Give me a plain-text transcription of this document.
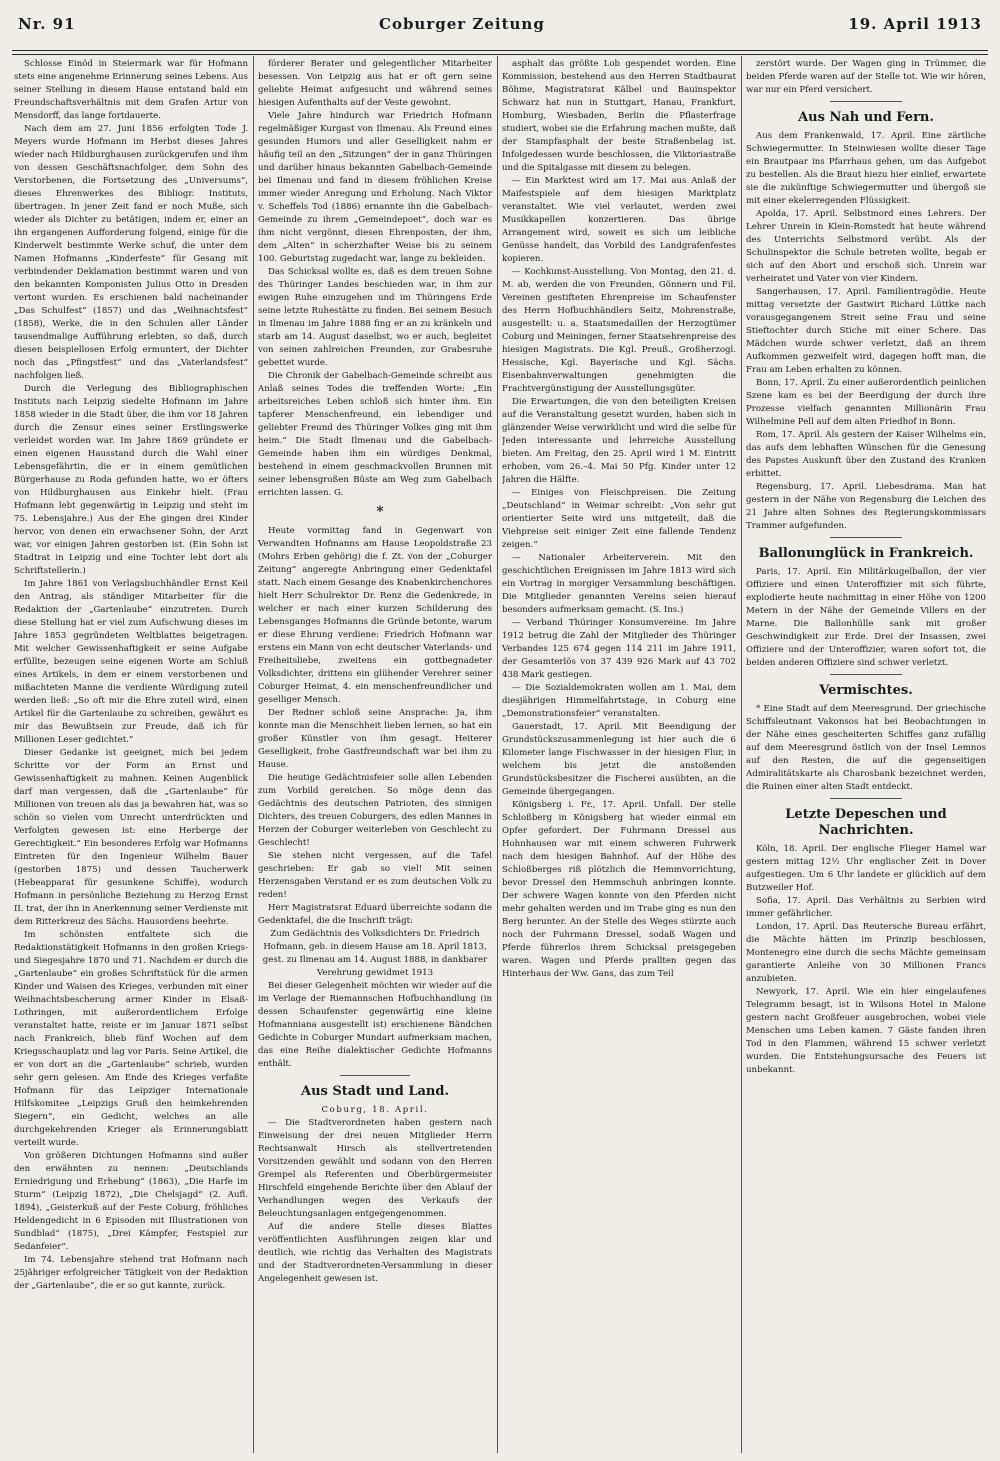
Nr. 91	Coburger Zeitung	19. April 1913

Schlosse Einöd in Steiermark war für Hofmann stets eine angenehme Erinnerung seines Lebens. Aus seiner Stellung in diesem Hause entstand bald ein Freundschaftsverhältnis mit dem Grafen Artur von Mensdorff, das lange fortdauerte.

Nach dem am 27. Juni 1856 erfolgten Tode J. Meyers wurde Hofmann im Herbst dieses Jahres wieder nach Hildburghausen zurückgerufen und ihm von dessen Geschäftsnachfolger, dem Sohn des Verstorbenen, die Fortsetzung des „Universums“, dieses Ehrenwerkes des Bibliogr. Instituts, übertragen. In jener Zeit fand er noch Muße, sich wieder als Dichter zu betätigen, indem er, einer an ihn ergangenen Aufforderung folgend, einige für die Kinderwelt bestimmte Werke schuf, die unter dem Namen Hofmanns „Kinderfeste“ für Gesang mit verbindender Deklamation bestimmt waren und von den bekannten Komponisten Julius Otto in Dresden vertont wurden. Es erschienen bald nacheinander „Das Schulfest“ (1857) und das „Weihnachtsfest“ (1858), Werke, die in den Schulen aller Länder tausendmalige Aufführung erlebten, so daß, durch diesen beispiellosen Erfolg ermuntert, der Dichter noch das „Pfingstfest“ und das „Vaterlandsfest“ nachfolgen ließ.

Durch die Verlegung des Bibliographischen Instituts nach Leipzig siedelte Hofmann im Jahre 1858 wieder in die Stadt über, die ihm vor 18 Jahren durch die Zensur eines seiner Erstlingswerke verleidet worden war. Im Jahre 1869 gründete er einen eigenen Hausstand durch die Wahl einer Lebensgefährtin, die er in einem gemütlichen Bürgerhause zu Roda gefunden hatte, wo er öfters von Hildburghausen aus Einkehr hielt. (Frau Hofmann lebt gegenwärtig in Leipzig und steht im 75. Lebensjahre.) Aus der Ehe gingen drei Kinder hervor, von denen ein erwachsener Sohn, der Arzt war, vor einigen Jahren gestorben ist. (Ein Sohn ist Stadtrat in Leipzig und eine Tochter lebt dort als Schriftstellerin.)

Im Jahre 1861 von Verlagsbuchhändler Ernst Keil den Antrag, als ständiger Mitarbeiter für die Redaktion der „Gartenlaube“ einzutreten. Durch diese Stellung hat er viel zum Aufschwung dieses im Jahre 1853 gegründeten Weltblattes beigetragen. Mit welcher Gewissenhaftigkeit er seine Aufgabe erfüllte, bezeugen seine eigenen Worte am Schluß eines Artikels, in dem er einem verstorbenen und mißachteten Manne die verdiente Würdigung zuteil werden ließ: „So oft mir die Ehre zuteil wird, einen Artikel für die Gartenlaube zu schreiben, gewährt es mir das Bewußtsein zur Freude, daß ich für Millionen Leser gedichtet.“

Dieser Gedanke ist geeignet, mich bei jedem Schritte vor der Form an Ernst und Gewissenhaftigkeit zu mahnen. Keinen Augenblick darf man vergessen, daß die „Gartenlaube“ für Millionen von treuen als das ja bewahren hat, was so schön so vielen vom Unrecht unterdrückten und Verfolgten gewesen ist: eine Herberge der Gerechtigkeit.“ Ein besonderes Erfolg war Hofmanns Eintreten für den Ingenieur Wilhelm Bauer (gestorben 1875) und dessen Taucherwerk (Hebeapparat für gesunkene Schiffe), wodurch Hofmann in persönliche Beziehung zu Herzog Ernst II. trat, der ihn in Anerkennung seiner Verdienste mit dem Ritterkreuz des Sächs. Hausordens beehrte.

Im schönsten entfaltete sich die Redaktionstätigkeit Hofmanns in den großen Kriegs- und Siegesjahre 1870 und 71. Nachdem er durch die „Gartenlaube“ ein großes Schriftstück für die armen Kinder und Waisen des Krieges, verbunden mit einer Weihnachtsbescherung armer Kinder in Elsaß-Lothringen, mit außerordentlichem Erfolge veranstaltet hatte, reiste er im Januar 1871 selbst nach Frankreich, blieb fünf Wochen auf dem Kriegsschauplatz und lag vor Paris. Seine Artikel, die er von dort an die „Gartenlaube“ schrieb, wurden sehr gern gelesen. Am Ende des Krieges verfaßte Hofmann für das Leipziger Internationale Hilfskomitee „Leipzigs Gruß den heimkehrenden Siegern“, ein Gedicht, welches an alle durchgekehrenden Krieger als Erinnerungsblatt verteilt wurde.

Von größeren Dichtungen Hofmanns sind außer den erwähnten zu nennen: „Deutschlands Erniedrigung und Erhebung“ (1863), „Die Harfe im Sturm“ (Leipzig 1872), „Die Chelsjagd“ (2. Aufl. 1894), „Geisterkuß auf der Feste Coburg, fröhliches Heldengedicht in 6 Episoden mit Illustrationen von Sundblad“ (1875), „Drei Kämpfer, Festspiel zur Sedanfeier“.

Im 74. Lebensjahre stehend trat Hofmann nach 25jähriger erfolgreicher Tätigkeit von der Redaktion der „Gartenlaube“, die er so gut kannte, zurück.

förderer Berater und gelegentlicher Mitarbeiter besessen. Von Leipzig aus hat er oft gern seine geliebte Heimat aufgesucht und während seines hiesigen Aufenthalts auf der Veste gewohnt.

Viele Jahre hindurch war Friedrich Hofmann regelmäßiger Kurgast von Ilmenau. Als Freund eines gesunden Humors und aller Geselligkeit nahm er häufig teil an den „Sitzungen“ der in ganz Thüringen und darüber hinaus bekannten Gabelbach-Gemeinde bei Ilmenau und fand in diesem fröhlichen Kreise immer wieder Anregung und Erholung. Nach Viktor v. Scheffels Tod (1886) ernannte ihn die Gabelbach-Gemeinde zu ihrem „Gemeindepoet“, doch war es ihm nicht vergönnt, diesen Ehrenposten, der ihm, dem „Alten“ in scherzhafter Weise bis zu seinem 100. Geburtstag zugedacht war, lange zu bekleiden.

Das Schicksal wollte es, daß es dem treuen Sohne des Thüringer Landes beschieden war, in ihm zur ewigen Ruhe einzugehen und im Thüringens Erde seine letzte Ruhestätte zu finden. Bei seinem Besuch in Ilmenau im Jahre 1888 fing er an zu kränkeln und starb am 14. August daselbst, wo er auch, begleitet von seinen zahlreichen Freunden, zur Grabesruhe gebettet wurde.

Die Chronik der Gabelbach-Gemeinde schreibt aus Anlaß seines Todes die treffenden Worte: „Ein arbeitsreiches Leben schloß sich hinter ihm. Ein tapferer Menschenfreund, ein lebendiger und geliebter Freund des Thüringer Volkes ging mit ihm heim.“ Die Stadt Ilmenau und die Gabelbach-Gemeinde haben ihm ein würdiges Denkmal, bestehend in einem geschmackvollen Brunnen mit seiner lebensgroßen Büste am Weg zum Gabelbach errichten lassen. G.

*

Heute vormittag fand in Gegenwart von Verwandten Hofmanns am Hause Leopoldstraße 23 (Mohrs Erben gehörig) die f. Zt. von der „Coburger Zeitung“ angeregte Anbringung einer Gedenktafel statt. Nach einem Gesange des Knabenkirchenchores hielt Herr Schulrektor Dr. Renz die Gedenkrede, in welcher er nach einer kurzen Schilderung des Lebensganges Hofmanns die Gründe betonte, warum er diese Ehrung verdiene: Friedrich Hofmann war erstens ein Mann von echt deutscher Vaterlands- und Freiheitsliebe, zweitens ein gottbegnadeter Volksdichter, drittens ein glühender Verehrer seiner Coburger Heimat, 4. ein menschenfreundlicher und geselliger Mensch.

Der Redner schloß seine Ansprache: Ja, ihm konnte man die Menschheit lieben lernen, so hat ein großer Künstler von ihm gesagt. Heiterer Geselligkeit, frohe Gastfreundschaft war bei ihm zu Hause.

Die heutige Gedächtnisfeier solle allen Lebenden zum Vorbild gereichen. So möge denn das Gedächtnis des deutschen Patrioten, des sinnigen Dichters, des treuen Coburgers, des edlen Mannes in Herzen der Coburger weiterleben von Geschlecht zu Geschlecht!

Sie stehen nicht vergessen, auf die Tafel geschrieben: Er gab so viel! Mit seinen Herzensgaben Verstand er es zum deutschen Volk zu reden!

Herr Magistratsrat Eduard überreichte sodann die Gedenktafel, die die Inschrift trägt:

Zum Gedächtnis des Volksdichters Dr. Friedrich Hofmann, geb. in diesem Hause am 18. April 1813, gest. zu Ilmenau am 14. August 1888, in dankbarer Verehrung gewidmet 1913

Bei dieser Gelegenheit möchten wir wieder auf die im Verlage der Riemannschen Hofbuchhandlung (in dessen Schaufenster gegenwärtig eine kleine Hofmanniana ausgestellt ist) erschienene Bändchen Gedichte in Coburger Mundart aufmerksam machen, das eine Reihe dialektischer Gedichte Hofmanns enthält.

Aus Stadt und Land.

Coburg, 18. April.

— Die Stadtverordneten haben gestern nach Einweisung der drei neuen Mitglieder Herrn Rechtsanwalt Hirsch als stellvertretenden Vorsitzenden gewählt und sodann von den Herren Grempel als Referenten und Oberbürgermeister Hirschfeld eingehende Berichte über den Ablauf der Verhandlungen wegen des Verkaufs der Beleuchtungsanlagen entgegengenommen.

Auf die andere Stelle dieses Blattes veröffentlichten Ausführungen zeigen klar und deutlich, wie richtig das Verhalten des Magistrats und der Stadtverordneten-Versammlung in dieser Angelegenheit gewesen ist.

asphalt das größte Lob gespendet worden. Eine Kommission, bestehend aus den Herren Stadtbaurat Böhme, Magistratsrat Kälbel und Bauinspektor Schwarz hat nun in Stuttgart, Hanau, Frankfurt, Homburg, Wiesbaden, Berlin die Pflasterfrage studiert, wobei sie die Erfahrung machen mußte, daß der Stampfasphalt der beste Straßenbelag ist. Infolgedessen wurde beschlossen, die Viktoriastraße und die Spitalgasse mit diesem zu belegen.

— Ein Marktest wird am 17. Mai aus Anlaß der Maifestspiele auf dem hiesigen Marktplatz veranstaltet. Wie viel verlautet, werden zwei Musikkapellen konzertieren. Das übrige Arrangement wird, soweit es sich um leibliche Genüsse handelt, das Vorbild des Landgrafenfestes kopieren.

— Kochkunst-Ausstellung. Von Montag, den 21. d. M. ab, werden die von Freunden, Gönnern und Fil. Vereinen gestifteten Ehrenpreise im Schaufenster des Herrn Hofbuchhändlers Seitz, Mohrenstraße, ausgestellt: u. a. Staatsmedaillen der Herzogtümer Coburg und Meiningen, ferner Staatsehrenpreise des hiesigen Magistrats. Die Kgl. Preuß., Großherzogl. Hessische, Kgl. Bayerische und Kgl. Sächs. Eisenbahnverwaltungen genehmigten die Frachtvergünstigung der Ausstellungsgüter.

Die Erwartungen, die von den beteiligten Kreisen auf die Veranstaltung gesetzt wurden, haben sich in glänzender Weise verwirklicht und wird die selbe für Jeden interessante und lehrreiche Ausstellung bieten. Am Freitag, den 25. April wird 1 M. Eintritt erhoben, vom 26.–4. Mai 50 Pfg. Kinder unter 12 Jahren die Hälfte.

— Einiges von Fleischpreisen. Die Zeitung „Deutschland“ in Weimar schreibt: „Von sehr gut orientierter Seite wird uns mitgeteilt, daß die Viehpreise seit einiger Zeit eine fallende Tendenz zeigen.“

— Nationaler Arbeiterverein. Mit den geschichtlichen Ereignissen im Jahre 1813 wird sich ein Vortrag in morgiger Versammlung beschäftigen. Die Mitglieder genannten Vereins seien hierauf besonders aufmerksam gemacht. (S. Ins.)

— Verband Thüringer Konsumvereine. Im Jahre 1912 betrug die Zahl der Mitglieder des Thüringer Verbandes 125 674 gegen 114 211 im Jahre 1911, der Gesamterlös von 37 439 926 Mark auf 43 702 438 Mark gestiegen.

— Die Sozialdemokraten wollen am 1. Mai, dem diesjährigen Himmelfahrtstage, in Coburg eine „Demonstrationsfeier“ veranstalten.

Gauerstadt, 17. April. Mit Beendigung der Grundstückszusammenlegung ist hier auch die 6 Kilometer lange Fischwasser in der hiesigen Flur, in welchem bis jetzt die anstoßenden Grundstücksbesitzer die Fischerei ausübten, an die Gemeinde übergegangen.

Königsberg i. Fr., 17. April. Unfall. Der stelle Schloßberg in Königsberg hat wieder einmal ein Opfer gefordert. Der Fuhrmann Dressel aus Hohnhausen war mit einem schweren Fuhrwerk nach dem hiesigen Bahnhof. Auf der Höhe des Schloßberges riß plötzlich die Hemmvorrichtung, bevor Dressel den Hemmschuh anbringen konnte. Der schwere Wagen konnte von den Pferden nicht mehr gehalten werden und im Trabe ging es nun den Berg herunter. An der Stelle des Weges stürzte auch noch der Fuhrmann Dressel, sodaß Wagen und Pferde führerlos ihrem Schicksal preisgegeben waren. Wagen und Pferde prallten gegen das Hinterhaus der Ww. Gans, das zum Teil

zerstört wurde. Der Wagen ging in Trümmer, die beiden Pferde waren auf der Stelle tot. Wie wir hören, war nur ein Pferd versichert.

Aus Nah und Fern.

Aus dem Frankenwald, 17. April. Eine zärtliche Schwiegermutter. In Steinwiesen wollte dieser Tage ein Brautpaar ins Pfarrhaus gehen, um das Aufgebot zu bestellen. Als die Braut hiezu hier einlief, erwartete sie die zukünftige Schwiegermutter und übergoß sie mit einer ekelerregenden Flüssigkeit.

Apolda, 17. April. Selbstmord eines Lehrers. Der Lehrer Unrein in Klein-Romstedt hat heute während des Unterrichts Selbstmord verübt. Als der Schulinspektor die Schule betreten wollte, begab er sich auf den Abort und erschoß sich. Unrein war verheiratet und Vater von vier Kindern.

Sangerhausen, 17. April. Familientragödie. Heute mittag versetzte der Gastwirt Richard Lüttke nach vorausgegangenem Streit seine Frau und seine Stieftochter durch Stiche mit einer Schere. Das Mädchen wurde schwer verletzt, daß an ihrem Aufkommen gezweifelt wird, dagegen hofft man, die Frau am Leben erhalten zu können.

Bonn, 17. April. Zu einer außerordentlich peinlichen Szene kam es bei der Beerdigung der durch ihre Prozesse vielfach genannten Millionärin Frau Wilhelmine Pell auf dem alten Friedhof in Bonn.

Rom, 17. April. Als gestern der Kaiser Wilhelms ein, das aufs dem lebhaften Wünschen für die Genesung des Papstes Auskunft über den Zustand des Kranken erbittet.

Regensburg, 17. April. Liebesdrama. Man hat gestern in der Nähe von Regensburg die Leichen des 21 Jahre alten Sohnes des Regierungskommissars Trammer aufgefunden.

Ballonunglück in Frankreich.

Paris, 17. April. Ein Militärkugelballon, der vier Offiziere und einen Unteroffizier mit sich führte, explodierte heute nachmittag in einer Höhe von 1200 Metern in der Nähe der Gemeinde Villers en der Marne. Die Ballonhülle sank mit großer Geschwindigkeit zur Erde. Drei der Insassen, zwei Offiziere und der Unteroffizier, waren sofort tot, die beiden anderen Offiziere sind schwer verletzt.

Vermischtes.

* Eine Stadt auf dem Meeresgrund. Der griechische Schiffsleutnant Vakonsos hat bei Beobachtungen in der Nähe eines gescheiterten Schiffes ganz zufällig auf dem Meeresgrund östlich von der Insel Lemnos auf den Resten, die auf die gegenseitigen Admiralitätskarte als Charosbank bezeichnet werden, die Ruinen einer alten Stadt entdeckt.

Letzte Depeschen und Nachrichten.

Köln, 18. April. Der englische Flieger Hamel war gestern mittag 12½ Uhr englischer Zeit in Dover aufgestiegen. Um 6 Uhr landete er glücklich auf dem Butzweiler Hof.

Sofia, 17. April. Das Verhältnis zu Serbien wird immer gefährlicher.

London, 17. April. Das Reutersche Bureau erfährt, die Mächte hätten im Prinzip beschlossen, Montenegro eine durch die sechs Mächte gemeinsam garantierte Anleihe von 30 Millionen Francs anzubieten.

Newyork, 17. April. Wie ein hier eingelaufenes Telegramm besagt, ist in Wilsons Hotel in Malone gestern nacht Großfeuer ausgebrochen, wobei viele Menschen ums Leben kamen. 7 Gäste fanden ihren Tod in den Flammen, während 15 schwer verletzt wurden. Die Entstehungsursache des Feuers ist unbekannt.
